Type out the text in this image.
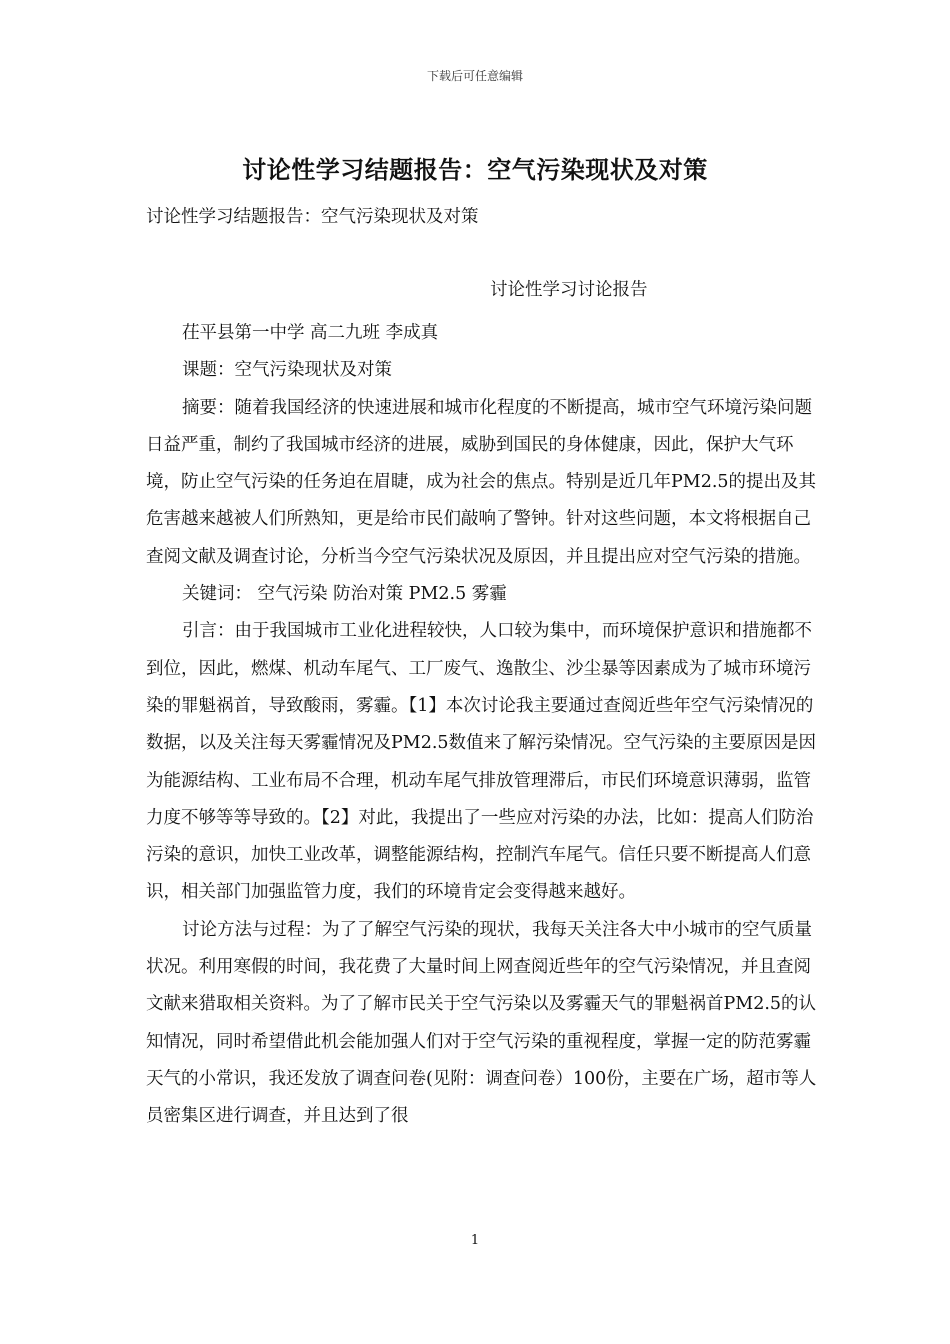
下载后可任意编辑
讨论性学习结题报告：空气污染现状及对策
讨论性学习结题报告：空气污染现状及对策
讨论性学习讨论报告

茌平县第一中学 高二九班 李成真

课题：空气污染现状及对策

摘要：随着我国经济的快速进展和城市化程度的不断提高，城市空气环境污染问题日益严重，制约了我国城市经济的进展，威胁到国民的身体健康，因此，保护大气环境，防止空气污染的任务迫在眉睫，成为社会的焦点。特别是近几年PM2.5的提出及其危害越来越被人们所熟知，更是给市民们敲响了警钟。针对这些问题，本文将根据自己查阅文献及调查讨论，分析当今空气污染状况及原因，并且提出应对空气污染的措施。

关键词： 空气污染 防治对策 PM2.5 雾霾

引言：由于我国城市工业化进程较快，人口较为集中，而环境保护意识和措施都不到位，因此，燃煤、机动车尾气、工厂废气、逸散尘、沙尘暴等因素成为了城市环境污染的罪魁祸首，导致酸雨，雾霾。【1】本次讨论我主要通过查阅近些年空气污染情况的数据，以及关注每天雾霾情况及PM2.5数值来了解污染情况。空气污染的主要原因是因为能源结构、工业布局不合理，机动车尾气排放管理滞后，市民们环境意识薄弱，监管力度不够等等导致的。【2】对此，我提出了一些应对污染的办法，比如：提高人们防治污染的意识，加快工业改革，调整能源结构，控制汽车尾气。信任只要不断提高人们意识，相关部门加强监管力度，我们的环境肯定会变得越来越好。

讨论方法与过程：为了了解空气污染的现状，我每天关注各大中小城市的空气质量状况。利用寒假的时间，我花费了大量时间上网查阅近些年的空气污染情况，并且查阅文献来猎取相关资料。为了了解市民关于空气污染以及雾霾天气的罪魁祸首PM2.5的认知情况，同时希望借此机会能加强人们对于空气污染的重视程度，掌握一定的防范雾霾天气的小常识，我还发放了调查问卷(见附：调查问卷）100份，主要在广场，超市等人员密集区进行调查，并且达到了很

1
